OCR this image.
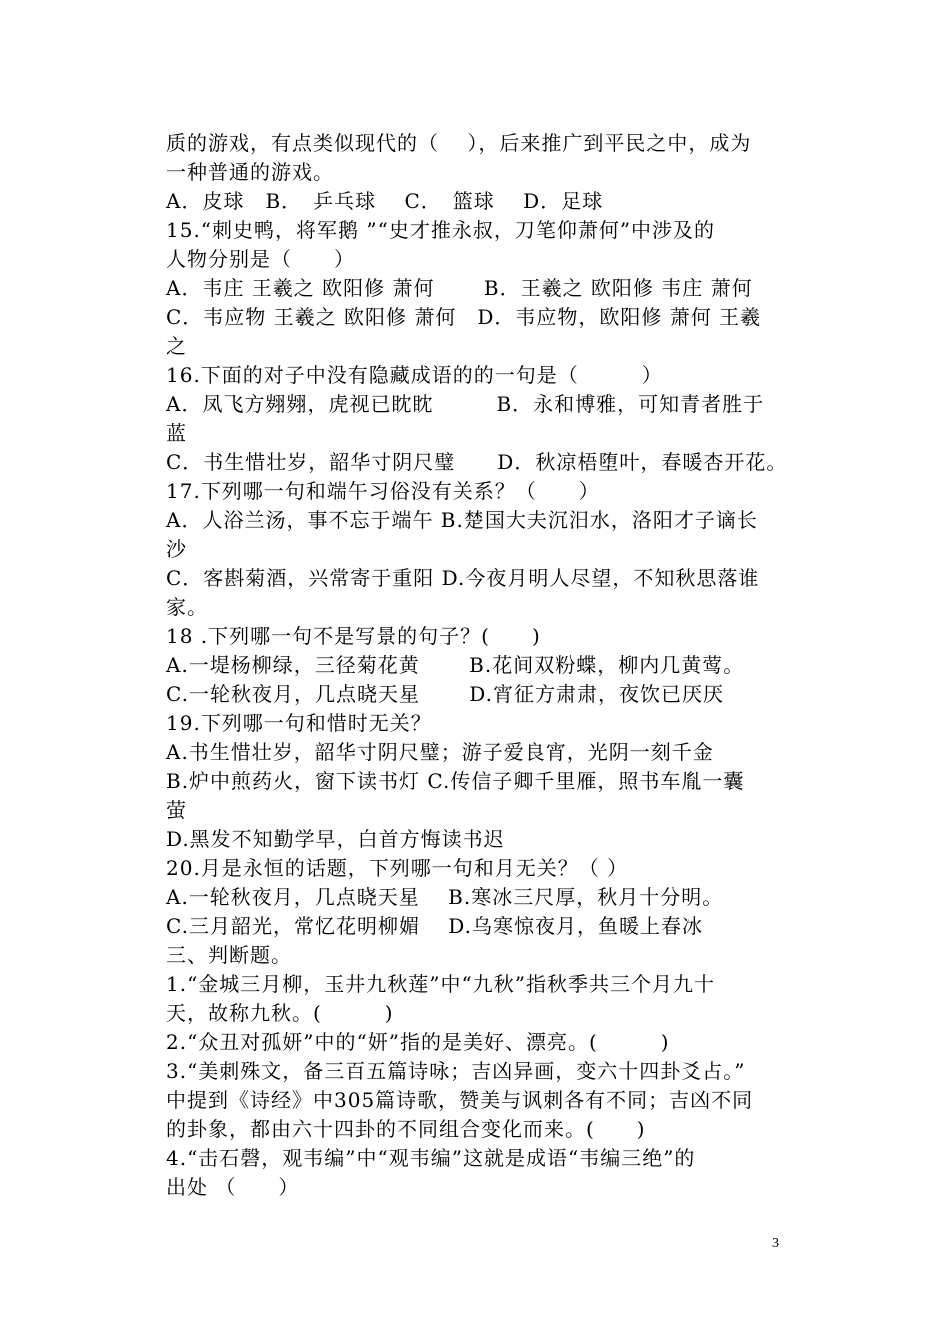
质的游戏，有点类似现代的（　 ），后来推广到平民之中，成为
一种普通的游戏。
A．皮球　B．　乒乓球　 C．　篮球　 D．足球
15.“刺史鸭，将军鹅 ”“史才推永叔，刀笔仰萧何”中涉及的
人物分别是（　　）
A．韦庄 王羲之 欧阳修 萧何　　 B．王羲之 欧阳修 韦庄 萧何
C．韦应物 王羲之 欧阳修 萧何　D．韦应物，欧阳修 萧何 王羲
之
16.下面的对子中没有隐藏成语的的一句是（　　　）
A．凤飞方翙翙，虎视已眈眈　　　B．永和博雅，可知青者胜于
蓝
C．书生惜壮岁，韶华寸阴尺璧　　D．秋凉梧堕叶，春暖杏开花。
17.下列哪一句和端午习俗没有关系？（　　）
A．人浴兰汤，事不忘于端午 B.楚国大夫沉汨水，洛阳才子谪长
沙
C．客斟菊酒，兴常寄于重阳 D.今夜月明人尽望，不知秋思落谁
家。
18 .下列哪一句不是写景的句子？(　　)
A.一堤杨柳绿，三径菊花黄　　 B.花间双粉蝶，柳内几黄莺。
C.一轮秋夜月，几点晓天星　　 D.宵征方肃肃，夜饮已厌厌
19.下列哪一句和惜时无关？
A.书生惜壮岁，韶华寸阴尺璧；游子爱良宵，光阴一刻千金
B.炉中煎药火，窗下读书灯 C.传信子卿千里雁，照书车胤一囊
萤
D.黑发不知勤学早，白首方悔读书迟
20.月是永恒的话题，下列哪一句和月无关？（ ）
A.一轮秋夜月，几点晓天星　 B.寒冰三尺厚，秋月十分明。
C.三月韶光，常忆花明柳媚　 D.乌寒惊夜月，鱼暖上春冰
三、判断题。
1.“金城三月柳，玉井九秋莲”中“九秋”指秋季共三个月九十
天，故称九秋。(　　　)
2.“众丑对孤妍”中的“妍”指的是美好、漂亮。(　　　)
3.“美刺殊文，备三百五篇诗咏；吉凶异画，变六十四卦爻占。”
中提到《诗经》中305篇诗歌，赞美与讽刺各有不同；吉凶不同
的卦象，都由六十四卦的不同组合变化而来。(　　)
4.“击石磬，观韦编”中“观韦编”这就是成语“韦编三绝”的
出处 （　　）
3
